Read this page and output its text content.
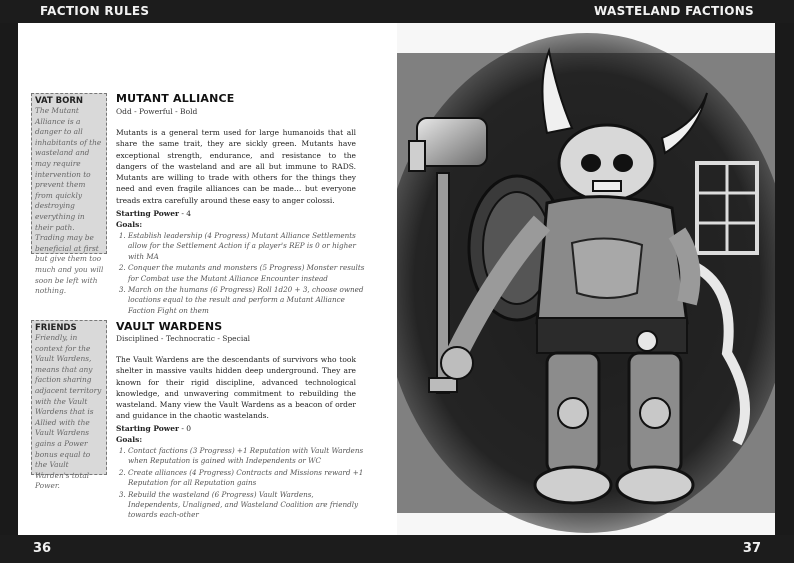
FACTION RULES	WASTELAND FACTIONS
VAT BORN
The Mutant Alliance is a danger to all inhabitants of the wasteland and may require intervention to prevent them from quickly destroying everything in their path. Trading may be beneficial at first but give them too much and you will soon be left with nothing.
FRIENDS
Friendly, in context for the Vault Wardens, means that any faction sharing adjacent territory with the Vault Wardens that is Allied with the Vault Wardens gains a Power bonus equal to the Vault Warden's total Power.
MUTANT ALLIANCE
Odd - Powerful - Bold
Mutants is a general term used for large humanoids that all share the same trait, they are sickly green. Mutants have exceptional strength, endurance, and resistance to the dangers of the wasteland and are all but immune to RADS. Mutants are willing to trade with others for the things they need and even fragile alliances can be made… but everyone treads extra carefully around these easy to anger colossi.
Starting Power - 4
Goals:
1. Establish leadership (4 Progress) Mutant Alliance Settlements allow for the Settlement Action if a player's REP is 0 or higher with MA
2. Conquer the mutants and monsters (5 Progress) Monster results for Combat use the Mutant Alliance Encounter instead
3. March on the humans (6 Progress) Roll 1d20 + 3, choose owned locations equal to the result and perform a Mutant Alliance Faction Fight on them
VAULT WARDENS
Disciplined - Technocratic - Special
The Vault Wardens are the descendants of survivors who took shelter in massive vaults hidden deep underground. They are known for their rigid discipline, advanced technological knowledge, and unwavering commitment to rebuilding the wasteland. Many view the Vault Wardens as a beacon of order and guidance in the chaotic wastelands.
Starting Power - 0
Goals:
1. Contact factions (3 Progress) +1 Reputation with Vault Wardens when Reputation is gained with Independents or WC
2. Create alliances (4 Progress) Contracts and Missions reward +1 Reputation for all Reputation gains
3. Rebuild the wasteland (6 Progress) Vault Wardens, Independents, Unaligned, and Wasteland Coalition are friendly towards each-other
36	37
